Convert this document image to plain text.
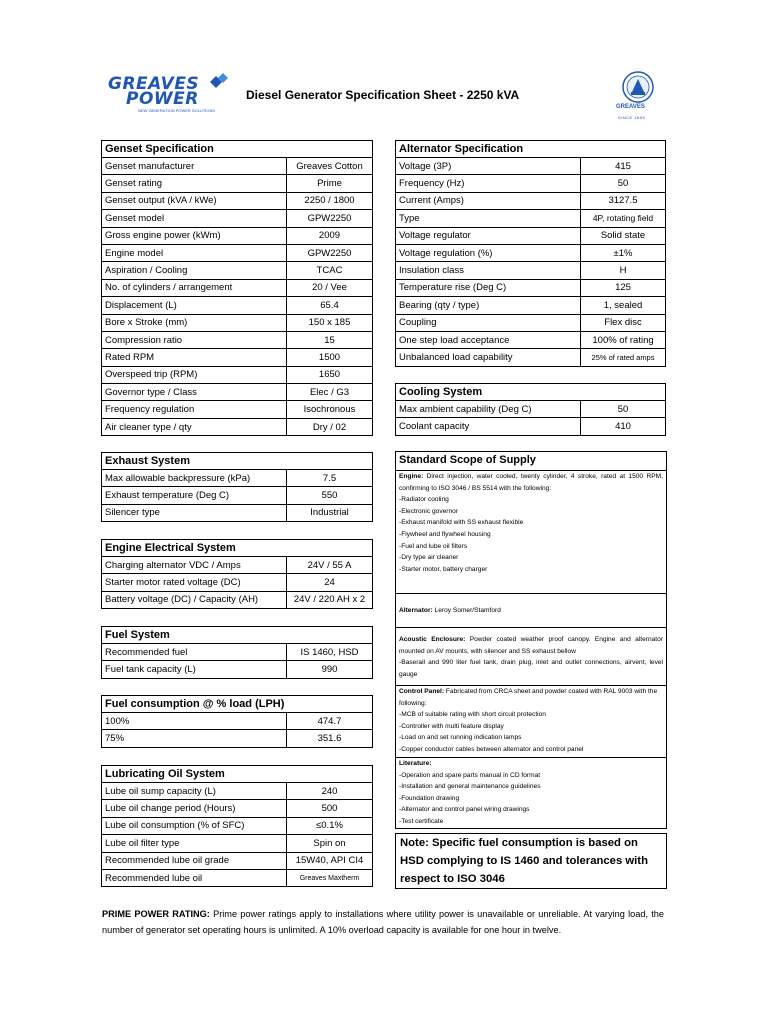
GREAVES
POWER
NEW GENERATION POWER SOLUTIONS
Diesel Generator Specification Sheet - 2250 kVA
GREAVES
SINCE 1859
Genset Specification	
Genset manufacturer	Greaves Cotton
Genset rating	Prime
Genset output (kVA / kWe)	2250 / 1800
Genset model	GPW2250
Gross engine power (kWm)	2009
Engine model	GPW2250
Aspiration / Cooling	TCAC
No. of cylinders / arrangement	20 / Vee
Displacement (L)	65.4
Bore x Stroke (mm)	150 x 185
Compression ratio	15
Rated RPM	1500
Overspeed trip (RPM)	1650
Governor type / Class	Elec / G3
Frequency regulation	Isochronous
Air cleaner type / qty	Dry / 02
Alternator Specification	
Voltage (3P)	415
Frequency (Hz)	50
Current (Amps)	3127.5
Type	4P, rotating field
Voltage regulator	Solid state
Voltage regulation (%)	±1%
Insulation class	H
Temperature rise (Deg C)	125
Bearing (qty / type)	1, sealed
Coupling	Flex disc
One step load acceptance	100% of rating
Unbalanced load capability	25% of rated amps
Cooling System	
Max ambient capability (Deg C)	50
Coolant capacity	410
Exhaust System	
Max allowable backpressure (kPa)	7.5
Exhaust temperature (Deg C)	550
Silencer type	Industrial
Engine Electrical System	
Charging alternator VDC / Amps	24V / 55 A
Starter motor rated voltage (DC)	24
Battery voltage (DC) / Capacity (AH)	24V / 220 AH x 2
Fuel System	
Recommended fuel	IS 1460, HSD
Fuel tank capacity (L)	990
Fuel consumption @ % load (LPH)	
100%	474.7
75%	351.6
Lubricating Oil System	
Lube oil sump capacity (L)	240
Lube oil change period (Hours)	500
Lube oil consumption (% of SFC)	≤0.1%
Lube oil filter type	Spin on
Recommended lube oil grade	15W40, API CI4
Recommended lube oil	Greaves Maxtherm
Standard Scope of Supply
Engine: Direct injection, water cooled, twenty cylinder, 4 stroke, rated at 1500 RPM, confirming to ISO 3046 / BS 5514 with the following:
-Radiator cooling
-Electronic governor
-Exhaust manifold with SS exhaust flexible
-Flywheel and flywheel housing
-Fuel and lube oil filters
-Dry type air cleaner
-Starter motor, battery charger
Alternator: Leroy Somer/Stamford
Acoustic Enclosure: Powder coated weather proof canopy. Engine and alternator mounted on AV mounts, with silencer and SS exhaust bellow
-Baserail and 990 liter fuel tank, drain plug, inlet and outlet connections, airvent, level gauge
Control Panel: Fabricated from CRCA sheet and powder coated with RAL 9003 with the following:
-MCB of suitable rating with short circuit protection
-Controller with multi feature display
-Load on and set running indication lamps
-Copper conductor cables between alternator and control panel
Literature:
-Operation and spare parts manual in CD format
-Installation and general maintenance guidelines
-Foundation drawing
-Alternator and control panel wiring drawings
-Test certificate
Note: Specific fuel consumption is based on HSD complying to IS 1460 and tolerances with respect to ISO 3046
PRIME POWER RATING: Prime power ratings apply to installations where utility power is unavailable or unreliable. At varying load, the number of generator set operating hours is unlimited. A 10% overload capacity is available for one hour in twelve.
